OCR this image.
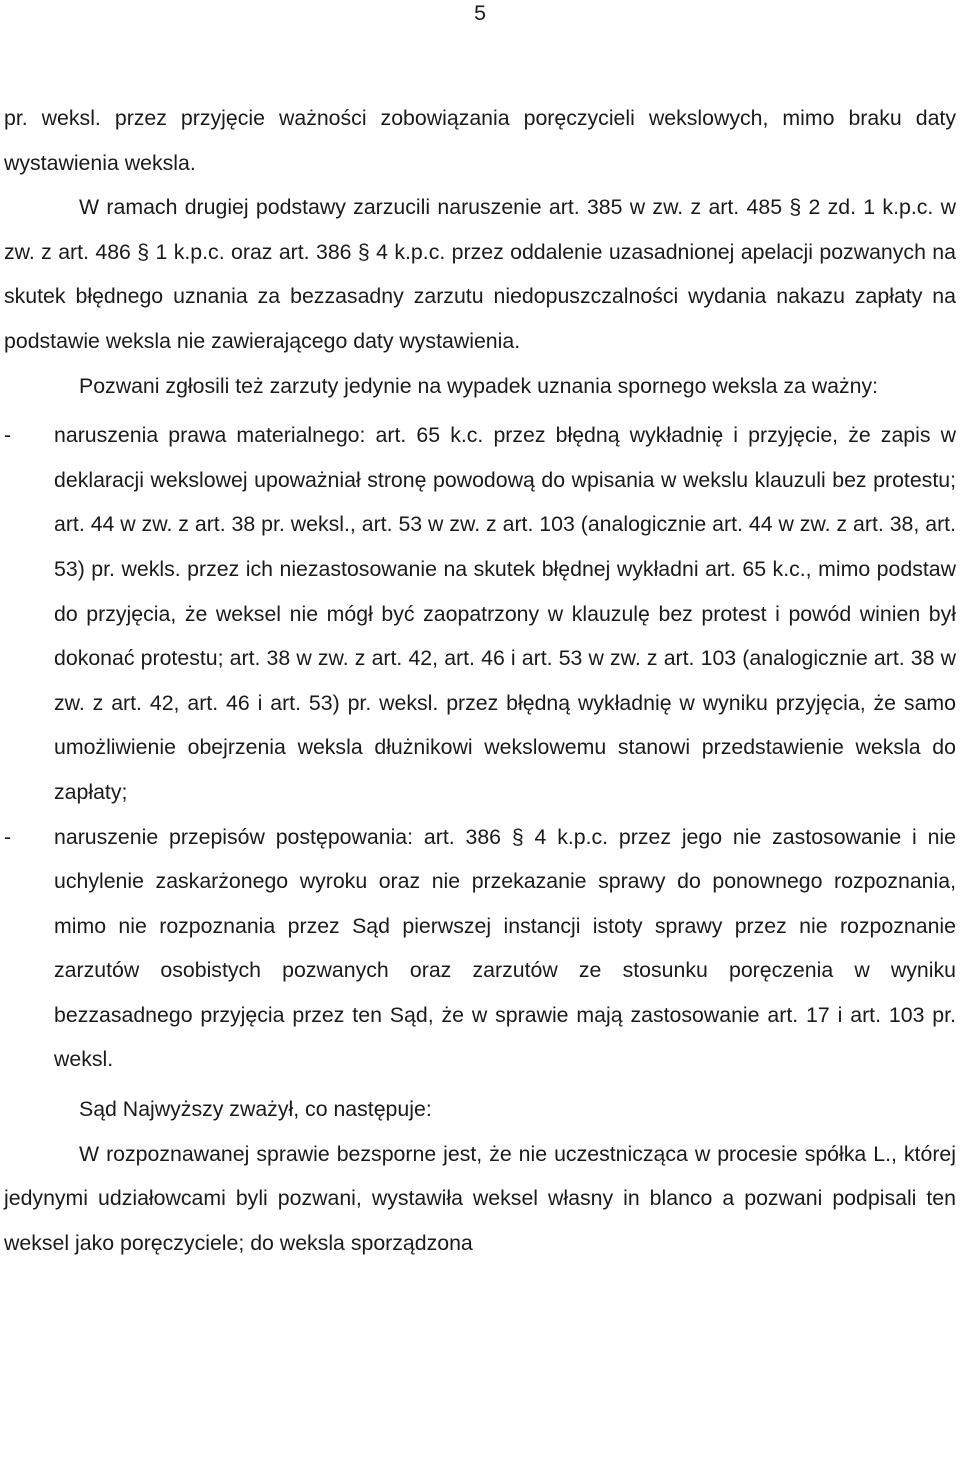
5

pr. weksl. przez przyjęcie ważności zobowiązania poręczycieli wekslowych, mimo braku daty wystawienia weksla.

W ramach drugiej podstawy zarzucili naruszenie art. 385 w zw. z art. 485 § 2 zd. 1 k.p.c. w zw. z art. 486 § 1 k.p.c. oraz art. 386 § 4 k.p.c. przez oddalenie uzasadnionej apelacji pozwanych na skutek błędnego uznania za bezzasadny zarzutu niedopuszczalności wydania nakazu zapłaty na podstawie weksla nie zawierającego daty wystawienia.

Pozwani zgłosili też zarzuty jedynie na wypadek uznania spornego weksla za ważny:

- naruszenia prawa materialnego: art. 65 k.c. przez błędną wykładnię i przyjęcie, że zapis w deklaracji wekslowej upoważniał stronę powodową do wpisania w wekslu klauzuli bez protestu; art. 44 w zw. z art. 38 pr. weksl., art. 53 w zw. z art. 103 (analogicznie art. 44 w zw. z art. 38, art. 53) pr. wekls. przez ich niezastosowanie na skutek błędnej wykładni art. 65 k.c., mimo podstaw do przyjęcia, że weksel nie mógł być zaopatrzony w klauzulę bez protest i powód winien był dokonać protestu; art. 38 w zw. z art. 42, art. 46 i art. 53 w zw. z art. 103 (analogicznie art. 38 w zw. z art. 42, art. 46 i art. 53) pr. weksl. przez błędną wykładnię w wyniku przyjęcia, że samo umożliwienie obejrzenia weksla dłużnikowi wekslowemu stanowi przedstawienie weksla do zapłaty;
- naruszenie przepisów postępowania: art. 386 § 4 k.p.c. przez jego nie zastosowanie i nie uchylenie zaskarżonego wyroku oraz nie przekazanie sprawy do ponownego rozpoznania, mimo nie rozpoznania przez Sąd pierwszej instancji istoty sprawy przez nie rozpoznanie zarzutów osobistych pozwanych oraz zarzutów ze stosunku poręczenia w wyniku bezzasadnego przyjęcia przez ten Sąd, że w sprawie mają zastosowanie art. 17 i art. 103 pr. weksl.

Sąd Najwyższy zważył, co następuje:

W rozpoznawanej sprawie bezsporne jest, że nie uczestnicząca w procesie spółka L., której jedynymi udziałowcami byli pozwani, wystawiła weksel własny in blanco a pozwani podpisali ten weksel jako poręczyciele; do weksla sporządzona
